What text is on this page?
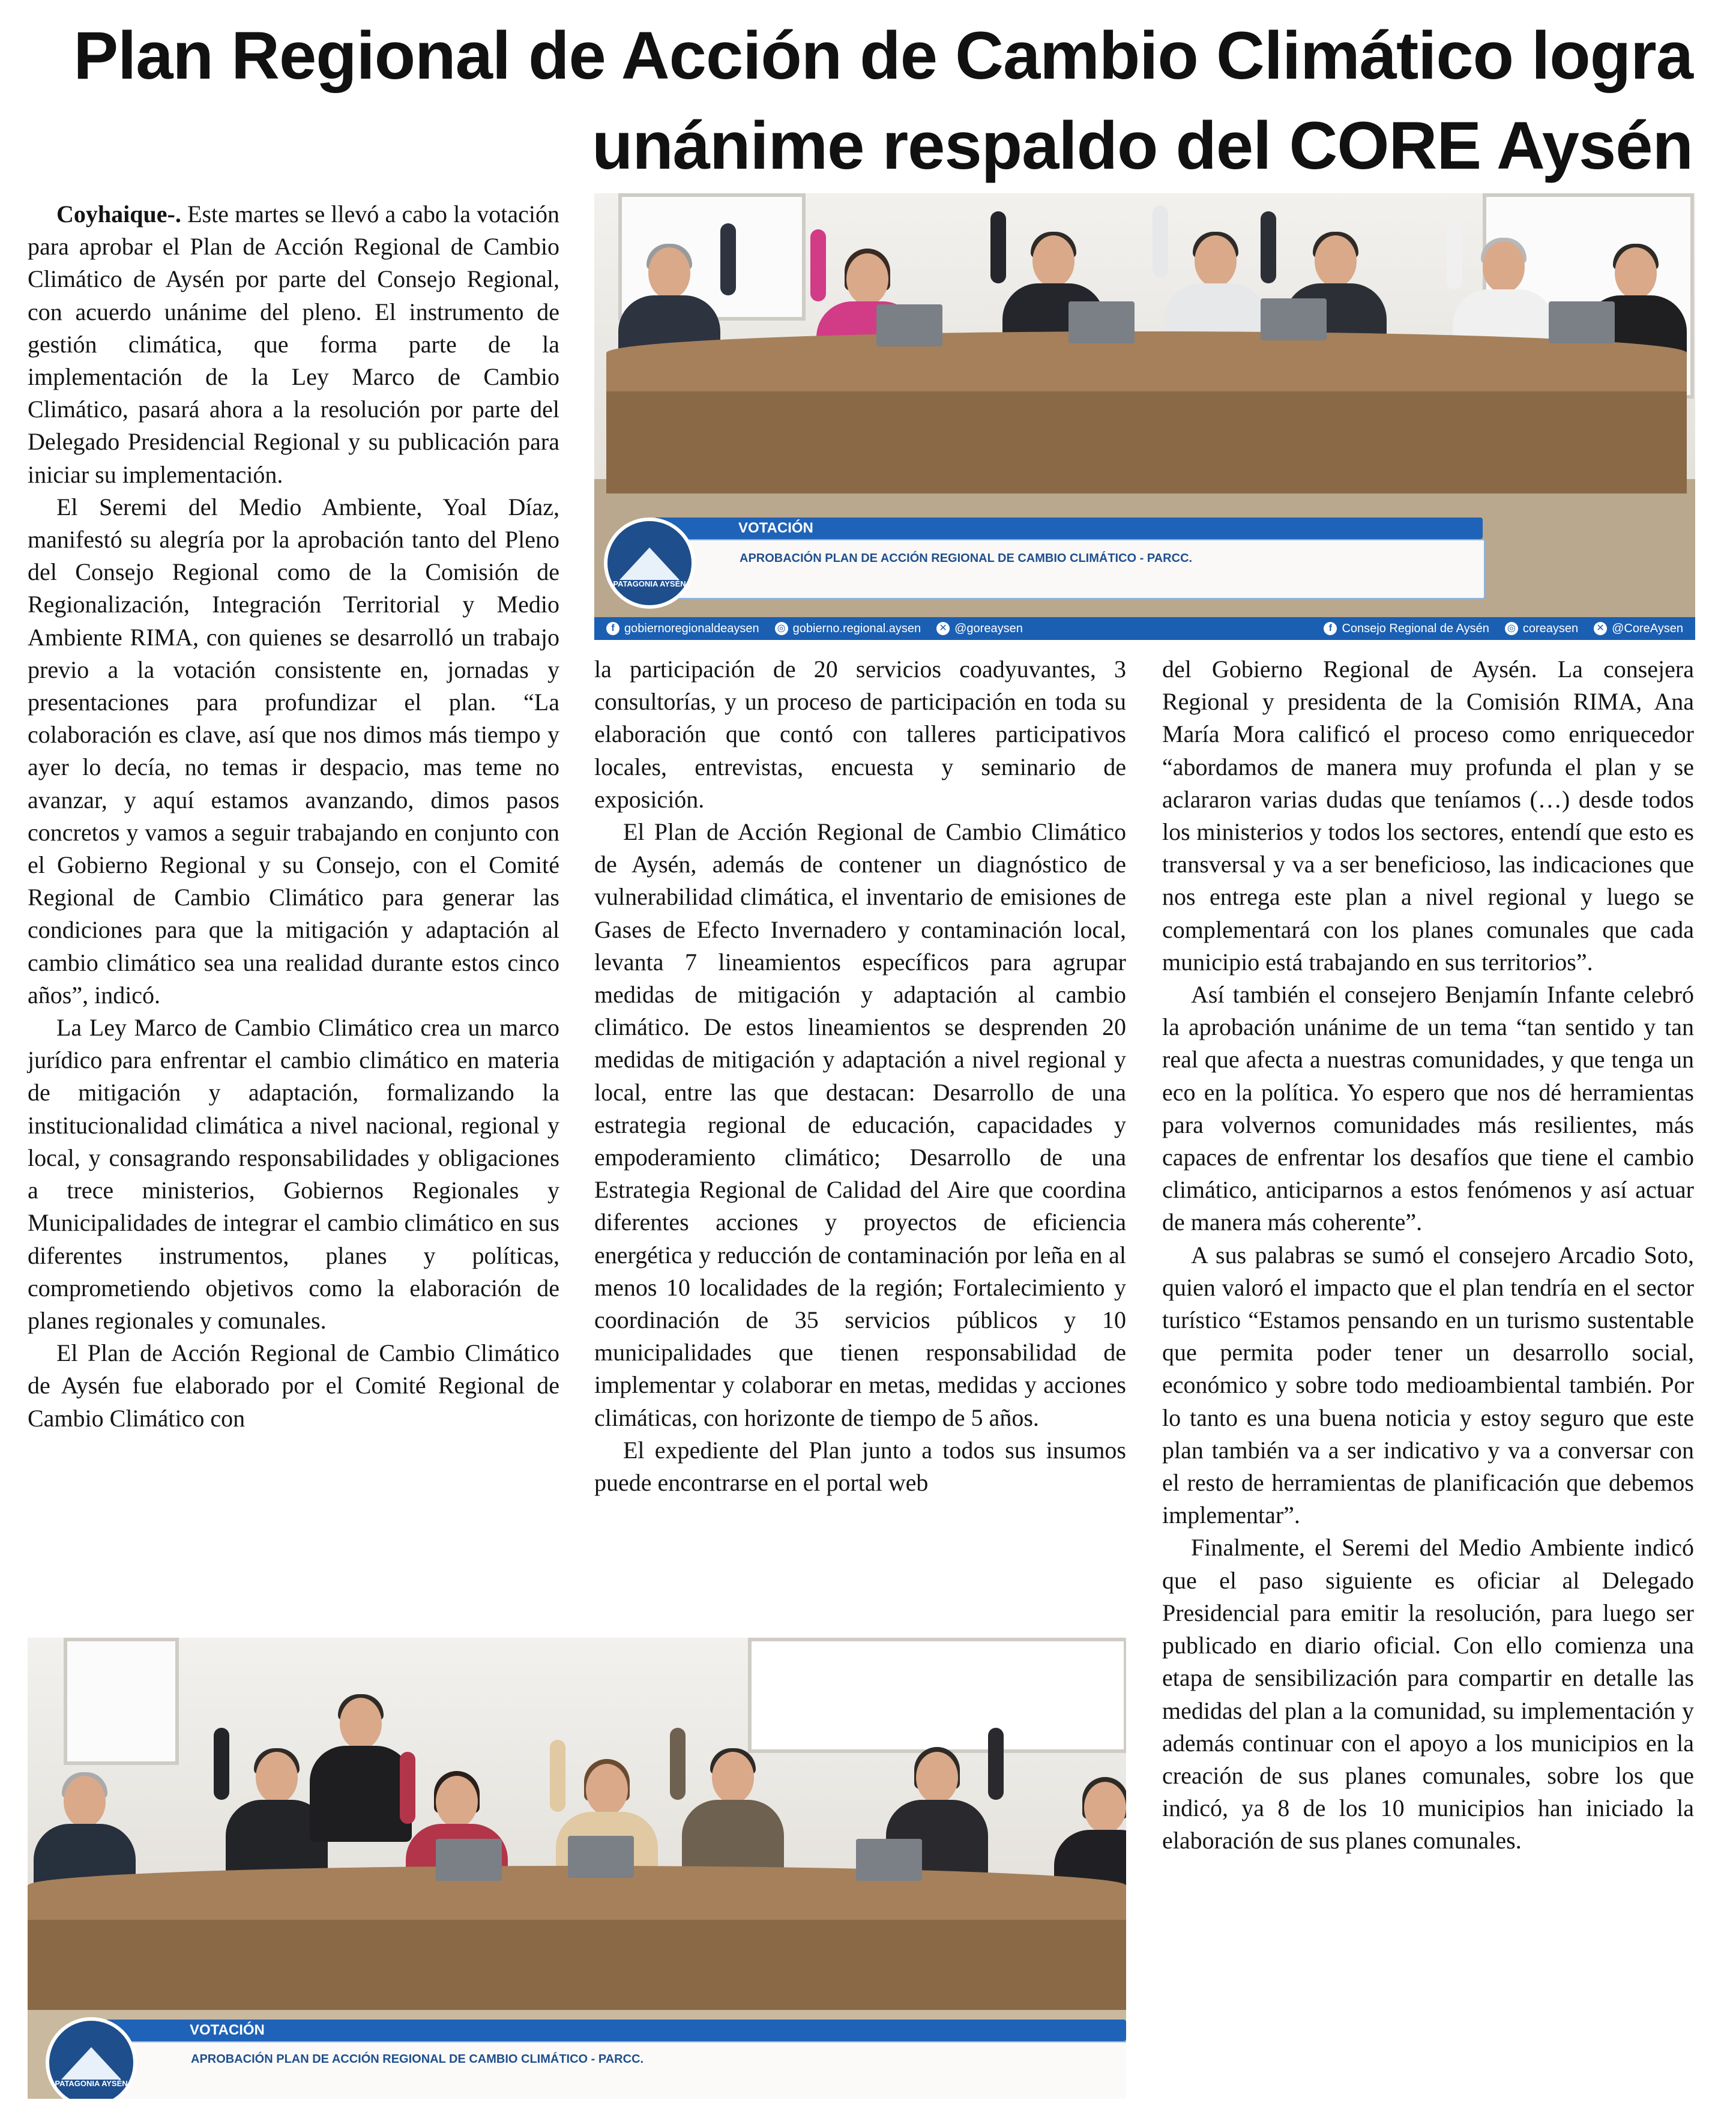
Plan Regional de Acción de Cambio Climático logra
unánime respaldo del CORE Aysén

Coyhaique-. Este martes se llevó a cabo la votación para aprobar el Plan de Acción Regional de Cambio Climático de Aysén por parte del Consejo Regional, con acuerdo unánime del pleno. El instrumento de gestión climática, que forma parte de la implementación de la Ley Marco de Cambio Climático, pasará ahora a la resolución por parte del Delegado Presidencial Regional y su publicación para iniciar su implementación.

El Seremi del Medio Ambiente, Yoal Díaz, manifestó su alegría por la aprobación tanto del Pleno del Consejo Regional como de la Comisión de Regionalización, Integración Territorial y Medio Ambiente RIMA, con quienes se desarrolló un trabajo previo a la votación consistente en, jornadas y presentaciones para profundizar el plan. “La colaboración es clave, así que nos dimos más tiempo y ayer lo decía, no temas ir despacio, mas teme no avanzar, y aquí estamos avanzando, dimos pasos concretos y vamos a seguir trabajando en conjunto con el Gobierno Regional y su Consejo, con el Comité Regional de Cambio Climático para generar las condiciones para que la mitigación y adaptación al cambio climático sea una realidad durante estos cinco años”, indicó.

La Ley Marco de Cambio Climático crea un marco jurídico para enfrentar el cambio climático en materia de mitigación y adaptación, formalizando la institucionalidad climática a nivel nacional, regional y local, y consagrando responsabilidades y obligaciones a trece ministerios, Gobiernos Regionales y Municipalidades de integrar el cambio climático en sus diferentes instrumentos, planes y políticas, comprometiendo objetivos como la elaboración de planes regionales y comunales.

El Plan de Acción Regional de Cambio Climático de Aysén fue elaborado por el Comité Regional de Cambio Climático con

VOTACIÓN
APROBACIÓN PLAN DE ACCIÓN REGIONAL DE CAMBIO CLIMÁTICO - PARCC.
PATAGONIA AYSÉN
f gobiernoregionaldeaysen ◎ gobierno.regional.aysen ✕ @goreaysen	f Consejo Regional de Aysén ◎ coreaysen ✕ @CoreAysen

la participación de 20 servicios coadyuvantes, 3 consultorías, y un proceso de participación en toda su elaboración que contó con talleres participativos locales, entrevistas, encuesta y seminario de exposición.

El Plan de Acción Regional de Cambio Climático de Aysén, además de contener un diagnóstico de vulnerabilidad climática, el inventario de emisiones de Gases de Efecto Invernadero y contaminación local, levanta 7 lineamientos específicos para agrupar medidas de mitigación y adaptación al cambio climático. De estos lineamientos se desprenden 20 medidas de mitigación y adaptación a nivel regional y local, entre las que destacan: Desarrollo de una estrategia regional de educación, capacidades y empoderamiento climático; Desarrollo de una Estrategia Regional de Calidad del Aire que coordina diferentes acciones y proyectos de eficiencia energética y reducción de contaminación por leña en al menos 10 localidades de la región; Fortalecimiento y coordinación de 35 servicios públicos y 10 municipalidades que tienen responsabilidad de implementar y colaborar en metas, medidas y acciones climáticas, con horizonte de tiempo de 5 años.

El expediente del Plan junto a todos sus insumos puede encontrarse en el portal web

del Gobierno Regional de Aysén. La consejera Regional y presidenta de la Comisión RIMA, Ana María Mora calificó el proceso como enriquecedor “abordamos de manera muy profunda el plan y se aclararon varias dudas que teníamos (…) desde todos los ministerios y todos los sectores, entendí que esto es transversal y va a ser beneficioso, las indicaciones que nos entrega este plan a nivel regional y luego se complementará con los planes comunales que cada municipio está trabajando en sus territorios”.

Así también el consejero Benjamín Infante celebró la aprobación unánime de un tema “tan sentido y tan real que afecta a nuestras comunidades, y que tenga un eco en la política. Yo espero que nos dé herramientas para volvernos comunidades más resilientes, más capaces de enfrentar los desafíos que tiene el cambio climático, anticiparnos a estos fenómenos y así actuar de manera más coherente”.

A sus palabras se sumó el consejero Arcadio Soto, quien valoró el impacto que el plan tendría en el sector turístico “Estamos pensando en un turismo sustentable que permita poder tener un desarrollo social, económico y sobre todo medioambiental también. Por lo tanto es una buena noticia y estoy seguro que este plan también va a ser indicativo y va a conversar con el resto de herramientas de planificación que debemos implementar”.

Finalmente, el Seremi del Medio Ambiente indicó que el paso siguiente es oficiar al Delegado Presidencial para emitir la resolución, para luego ser publicado en diario oficial. Con ello comienza una etapa de sensibilización para compartir en detalle las medidas del plan a la comunidad, su implementación y además continuar con el apoyo a los municipios en la creación de sus planes comunales, sobre los que indicó, ya 8 de los 10 municipios han iniciado la elaboración de sus planes comunales.

VOTACIÓN
APROBACIÓN PLAN DE ACCIÓN REGIONAL DE CAMBIO CLIMÁTICO - PARCC.
PATAGONIA AYSÉN
